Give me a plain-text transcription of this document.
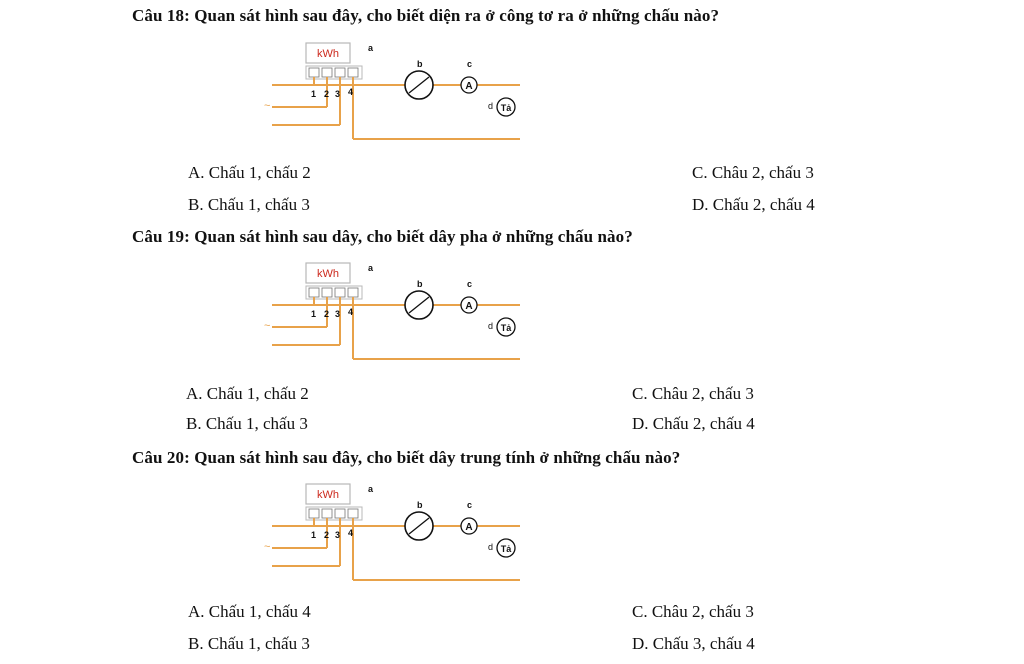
Câu 18: Quan sát hình sau đây, cho biết diện ra ở công tơ ra ở những chấu nào?
kWh	a
b
A
c
Tả
d
1 2 3 4
~
A. Chấu 1, chấu 2
B. Chấu 1, chấu 3
C. Châu 2, chấu 3
D. Chấu 2, chấu 4
Câu 19: Quan sát hình sau dây, cho biết dây pha ở những chấu nào?
kWh	a
b
A
c
Tả
d
1 2 3 4
~
A. Chấu 1, chấu 2
B. Chấu 1, chấu 3
C. Châu 2, chấu 3
D. Chấu 2, chấu 4
Câu 20: Quan sát hình sau đây, cho biết dây trung tính ở những chấu nào?
kWh	a
b
A
c
Tả
d
1 2 3 4
~
A. Chấu 1, chấu 4
B. Chấu 1, chấu 3
C. Châu 2, chấu 3
D. Chấu 3, chấu 4
